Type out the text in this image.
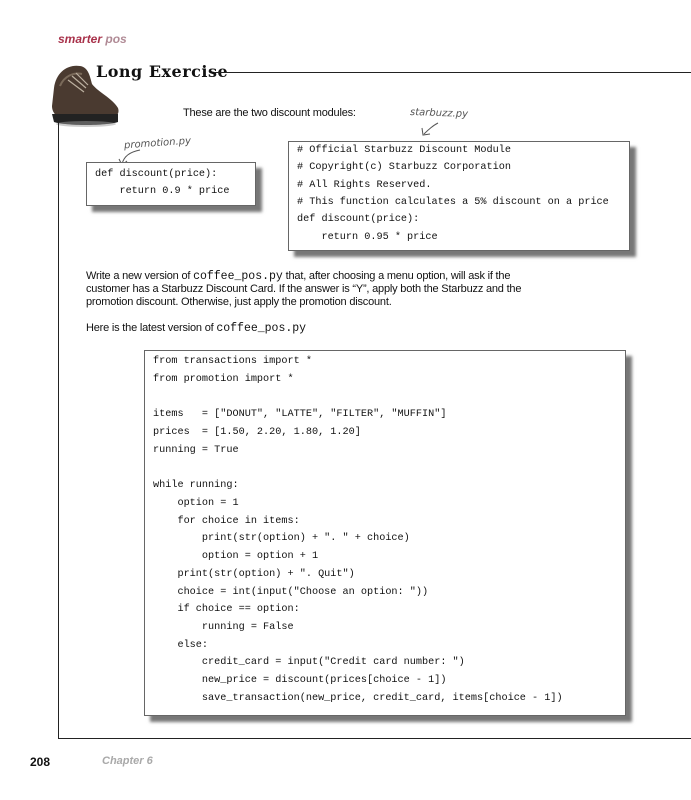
smarter pos
Long Exercise
These are the two discount modules:
promotion.py
starbuzz.py
def discount(price):
return 0.9 * price
# Official Starbuzz Discount Module
# Copyright(c) Starbuzz Corporation
# All Rights Reserved.
# This function calculates a 5% discount on a price
def discount(price):
return 0.95 * price
Write a new version of coffee_pos.py that, after choosing a menu option, will ask if the customer has a Starbuzz Discount Card. If the answer is “Y”, apply both the Starbuzz and the promotion discount. Otherwise, just apply the promotion discount.
Here is the latest version of coffee_pos.py
from transactions import *
from promotion import *
items   = ["DONUT", "LATTE", "FILTER", "MUFFIN"]
prices  = [1.50, 2.20, 1.80, 1.20]
running = True
while running:
option = 1
for choice in items:
print(str(option) + ". " + choice)
option = option + 1
print(str(option) + ". Quit")
choice = int(input("Choose an option: "))
if choice == option:
running = False
else:
credit_card = input("Credit card number: ")
new_price = discount(prices[choice - 1])
save_transaction(new_price, credit_card, items[choice - 1])
208	Chapter 6
